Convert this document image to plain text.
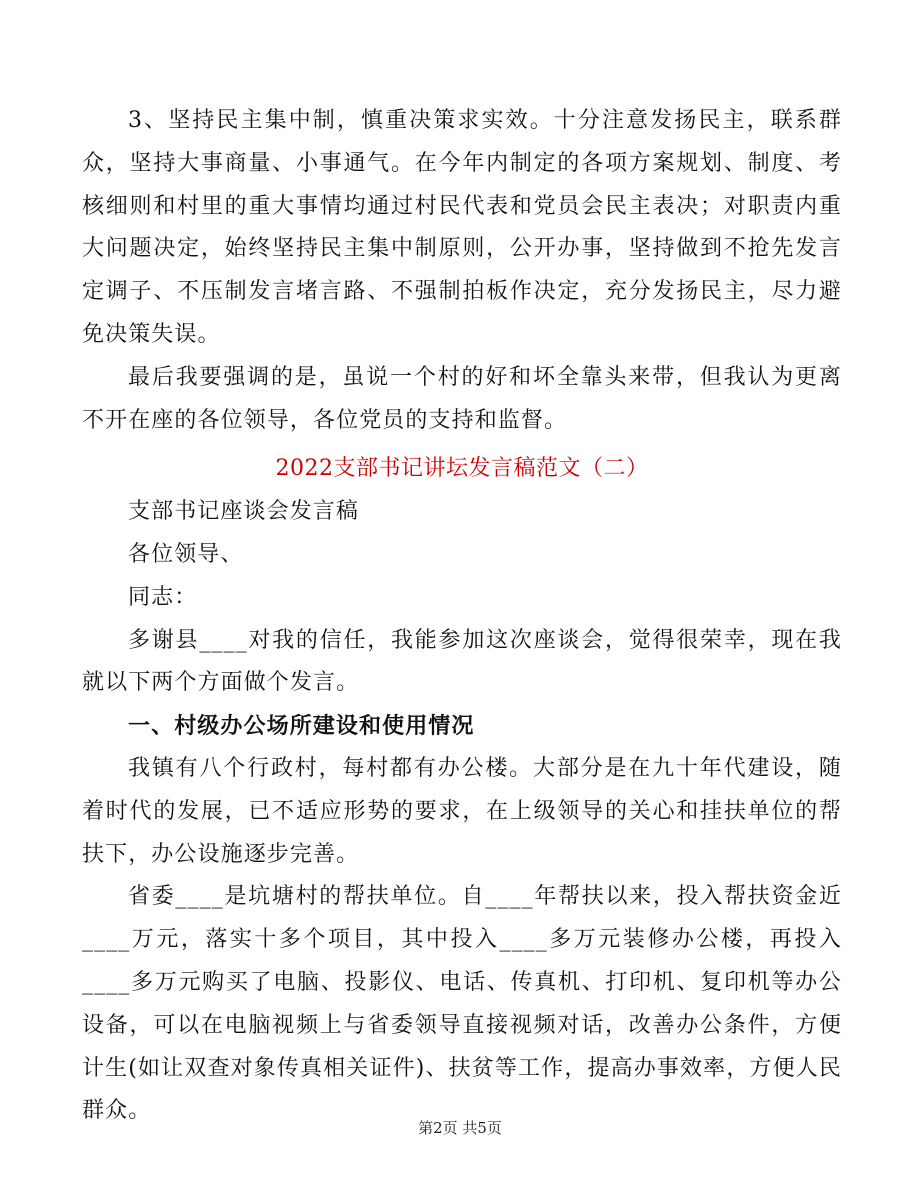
3、坚持民主集中制，慎重决策求实效。十分注意发扬民主，联系群众，坚持大事商量、小事通气。在今年内制定的各项方案规划、制度、考核细则和村里的重大事情均通过村民代表和党员会民主表决；对职责内重大问题决定，始终坚持民主集中制原则，公开办事，坚持做到不抢先发言定调子、不压制发言堵言路、不强制拍板作决定，充分发扬民主，尽力避免决策失误。

最后我要强调的是，虽说一个村的好和坏全靠头来带，但我认为更离不开在座的各位领导，各位党员的支持和监督。

2022支部书记讲坛发言稿范文（二）

支部书记座谈会发言稿

各位领导、

同志：

多谢县____对我的信任，我能参加这次座谈会，觉得很荣幸，现在我就以下两个方面做个发言。

一、村级办公场所建设和使用情况

我镇有八个行政村，每村都有办公楼。大部分是在九十年代建设，随着时代的发展，已不适应形势的要求，在上级领导的关心和挂扶单位的帮扶下，办公设施逐步完善。

省委____是坑塘村的帮扶单位。自____年帮扶以来，投入帮扶资金近____万元，落实十多个项目，其中投入____多万元装修办公楼，再投入____多万元购买了电脑、投影仪、电话、传真机、打印机、复印机等办公设备，可以在电脑视频上与省委领导直接视频对话，改善办公条件，方便计生(如让双查对象传真相关证件)、扶贫等工作，提高办事效率，方便人民群众。

第2页 共5页
